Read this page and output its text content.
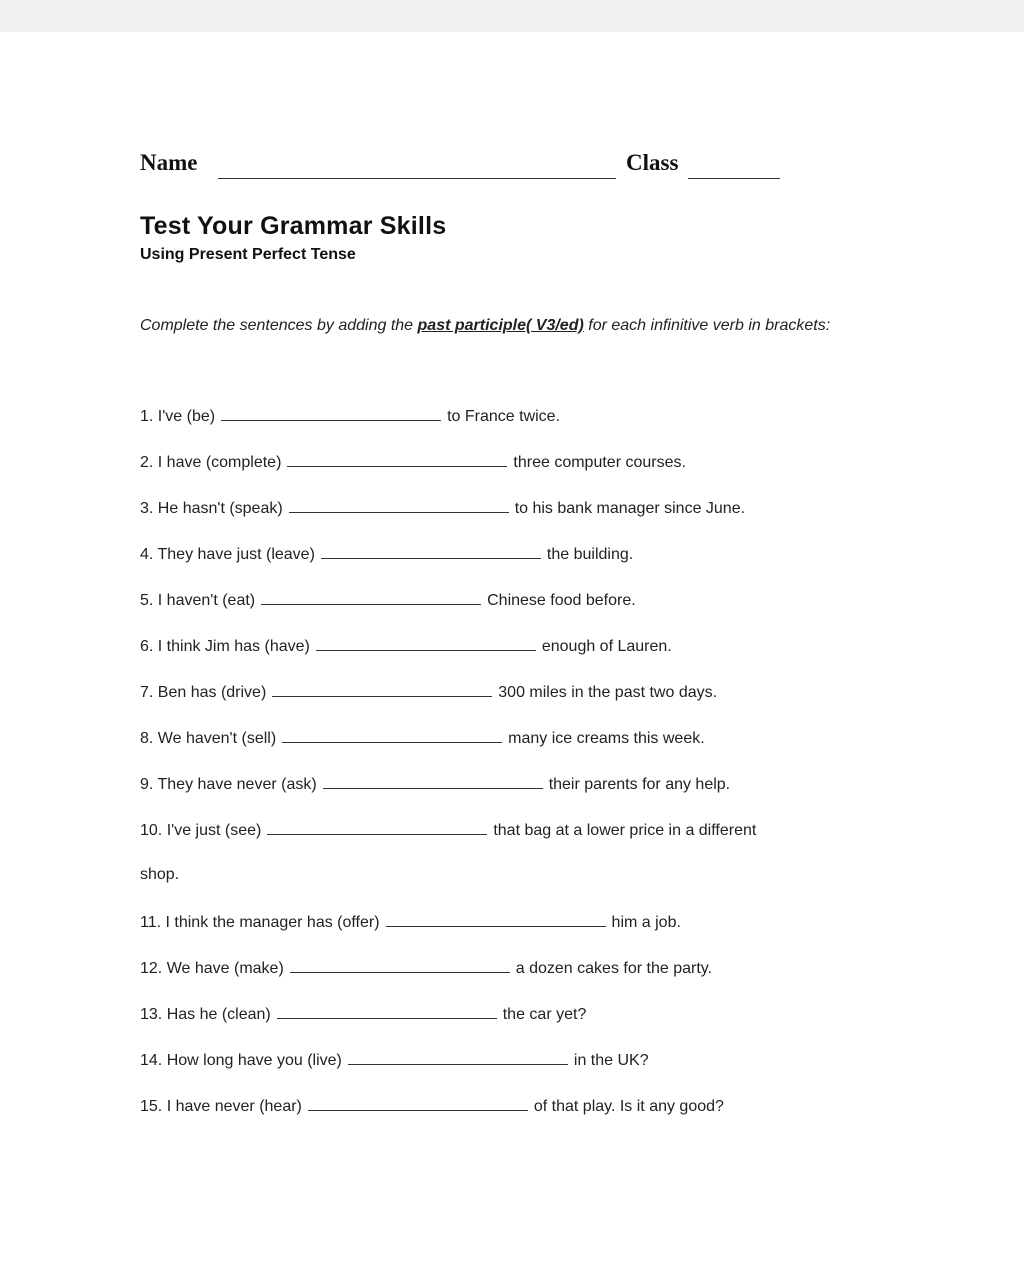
Name	Class
Test Your Grammar Skills
Using Present Perfect Tense
Complete the sentences by adding the past participle( V3/ed) for each infinitive verb in brackets:
1. I've (be)	to France twice.
2. I have (complete)	three computer courses.
3. He hasn't (speak)	to his bank manager since June.
4. They have just (leave)	the building.
5. I haven't (eat)	Chinese food before.
6. I think Jim has (have)	enough of Lauren.
7. Ben has (drive)	300 miles in the past two days.
8. We haven't (sell)	many ice creams this week.
9. They have never (ask)	their parents for any help.
10. I've just (see)	that bag at a lower price in a different
shop.
11. I think the manager has (offer)	him a job.
12. We have (make)	a dozen cakes for the party.
13. Has he (clean)	the car yet?
14. How long have you (live)	in the UK?
15. I have never (hear)	of that play. Is it any good?
